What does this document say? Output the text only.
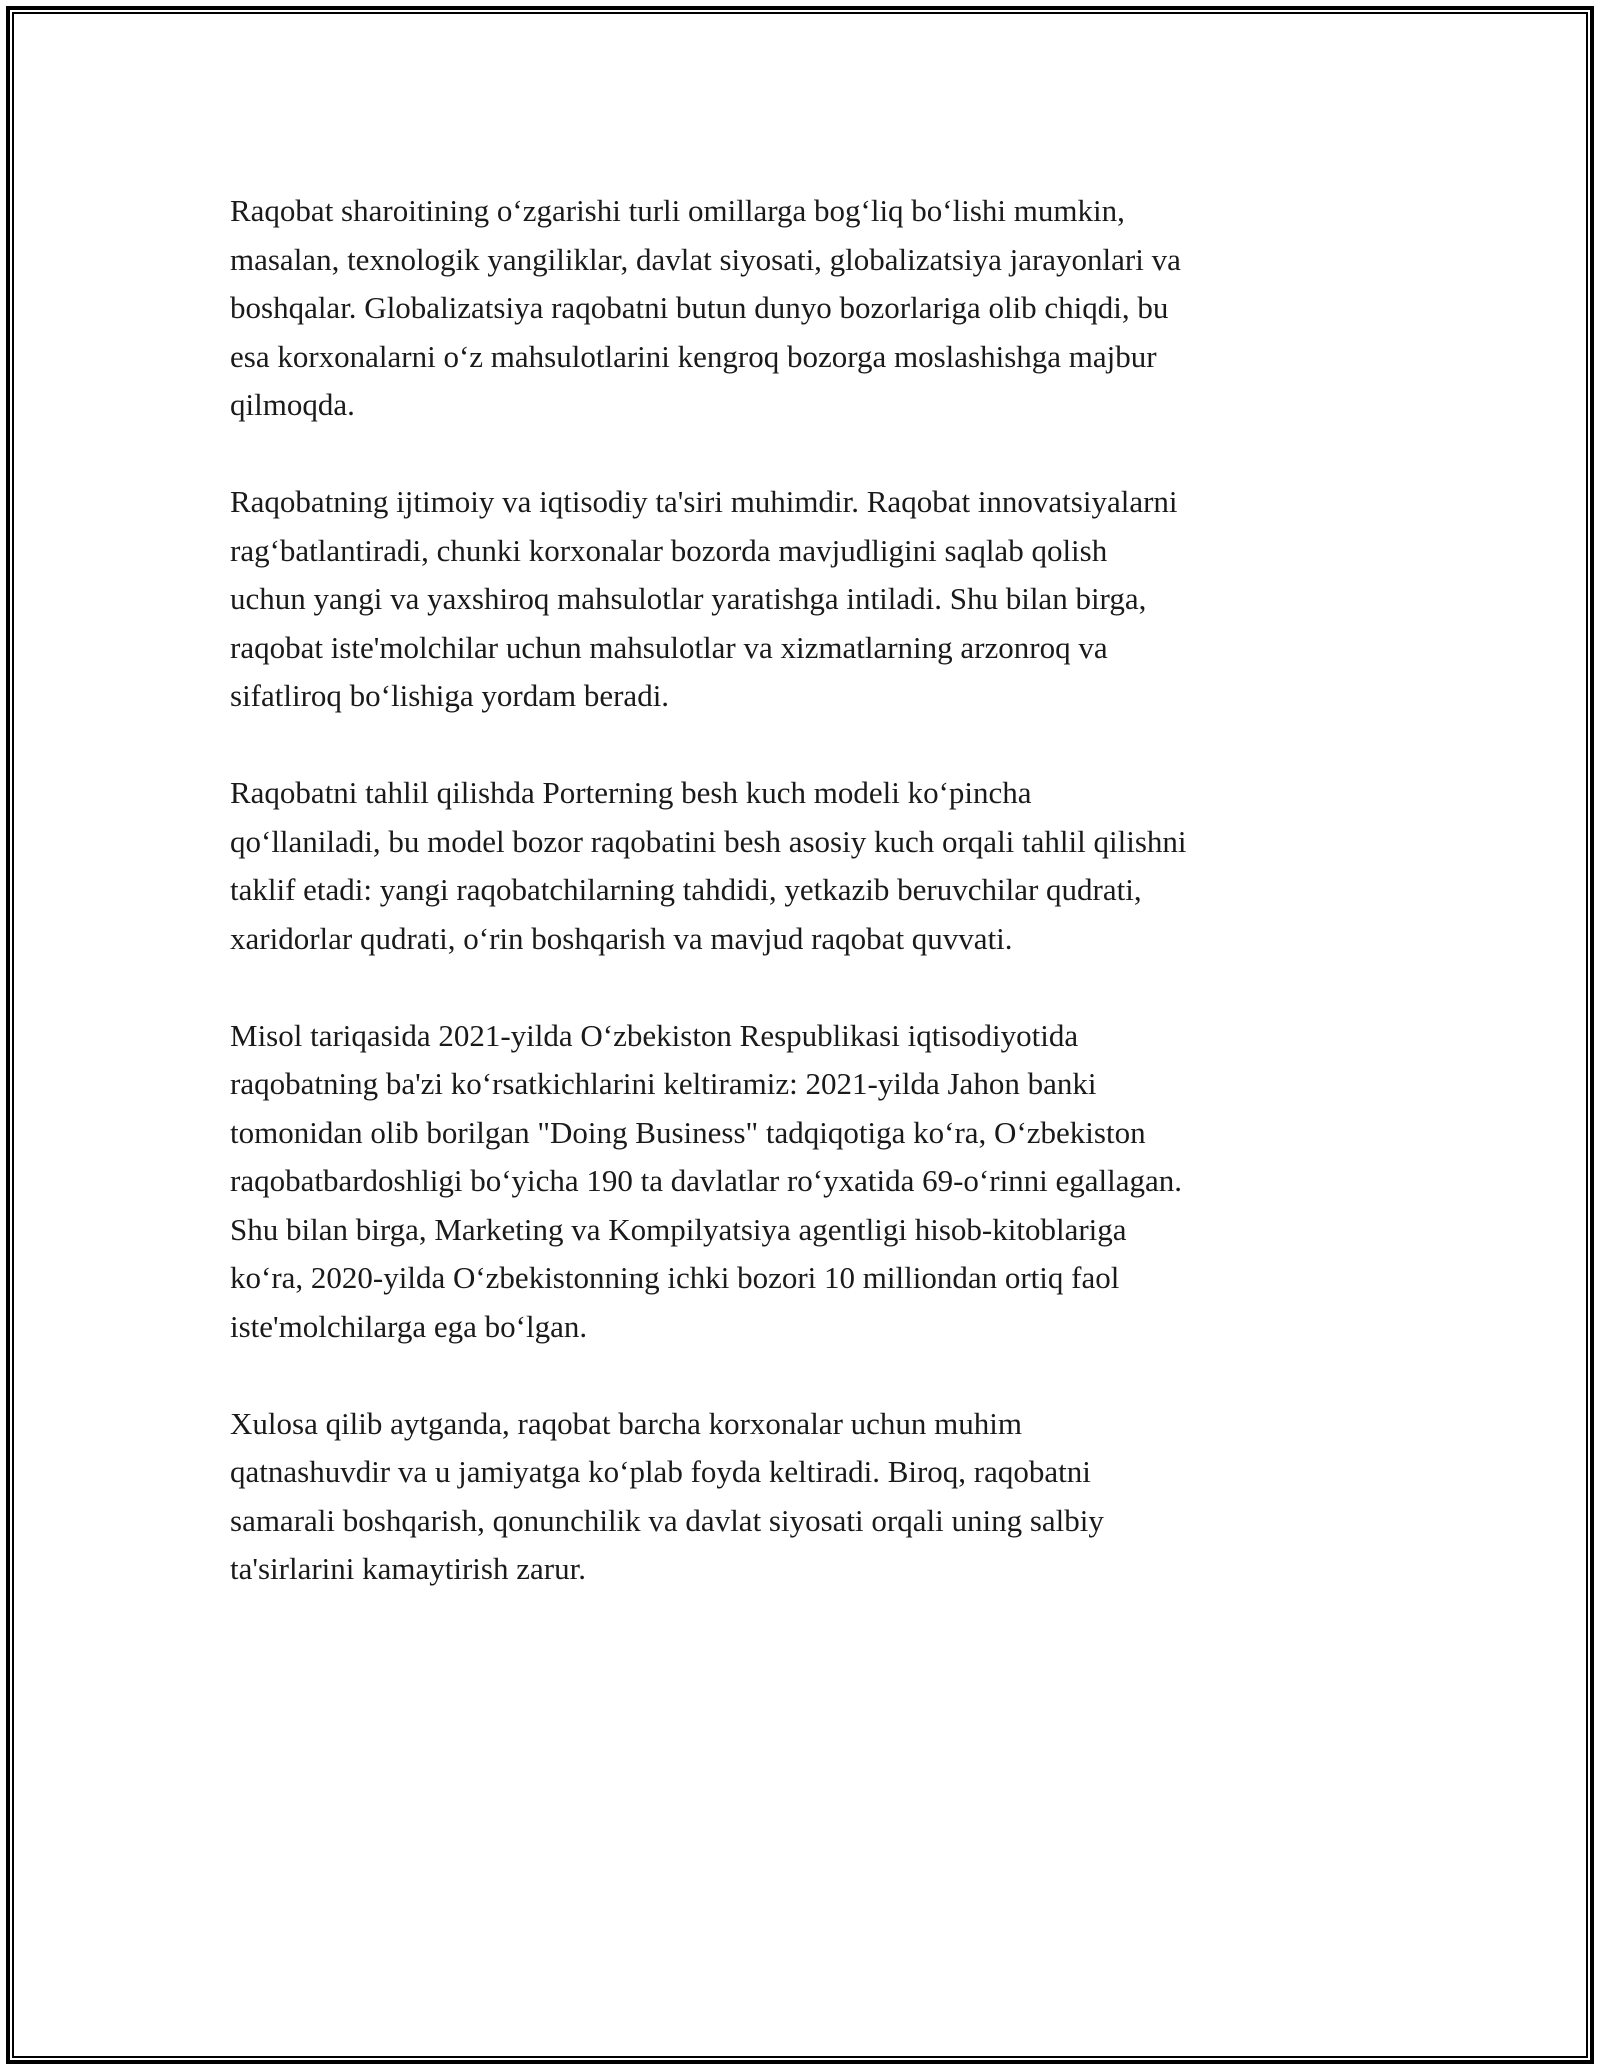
Raqobat sharoitining o‘zgarishi turli omillarga bog‘liq bo‘lishi mumkin,
masalan, texnologik yangiliklar, davlat siyosati, globalizatsiya jarayonlari va
boshqalar. Globalizatsiya raqobatni butun dunyo bozorlariga olib chiqdi, bu
esa korxonalarni o‘z mahsulotlarini kengroq bozorga moslashishga majbur
qilmoqda.

Raqobatning ijtimoiy va iqtisodiy ta'siri muhimdir. Raqobat innovatsiyalarni
rag‘batlantiradi, chunki korxonalar bozorda mavjudligini saqlab qolish
uchun yangi va yaxshiroq mahsulotlar yaratishga intiladi. Shu bilan birga,
raqobat iste'molchilar uchun mahsulotlar va xizmatlarning arzonroq va
sifatliroq bo‘lishiga yordam beradi.

Raqobatni tahlil qilishda Porterning besh kuch modeli ko‘pincha
qo‘llaniladi, bu model bozor raqobatini besh asosiy kuch orqali tahlil qilishni
taklif etadi: yangi raqobatchilarning tahdidi, yetkazib beruvchilar qudrati,
xaridorlar qudrati, o‘rin boshqarish va mavjud raqobat quvvati.

Misol tariqasida 2021-yilda O‘zbekiston Respublikasi iqtisodiyotida
raqobatning ba'zi ko‘rsatkichlarini keltiramiz: 2021-yilda Jahon banki
tomonidan olib borilgan "Doing Business" tadqiqotiga ko‘ra, O‘zbekiston
raqobatbardoshligi bo‘yicha 190 ta davlatlar ro‘yxatida 69-o‘rinni egallagan.
Shu bilan birga, Marketing va Kompilyatsiya agentligi hisob-kitoblariga
ko‘ra, 2020-yilda O‘zbekistonning ichki bozori 10 milliondan ortiq faol
iste'molchilarga ega bo‘lgan.

Xulosa qilib aytganda, raqobat barcha korxonalar uchun muhim
qatnashuvdir va u jamiyatga ko‘plab foyda keltiradi. Biroq, raqobatni
samarali boshqarish, qonunchilik va davlat siyosati orqali uning salbiy
ta'sirlarini kamaytirish zarur.
